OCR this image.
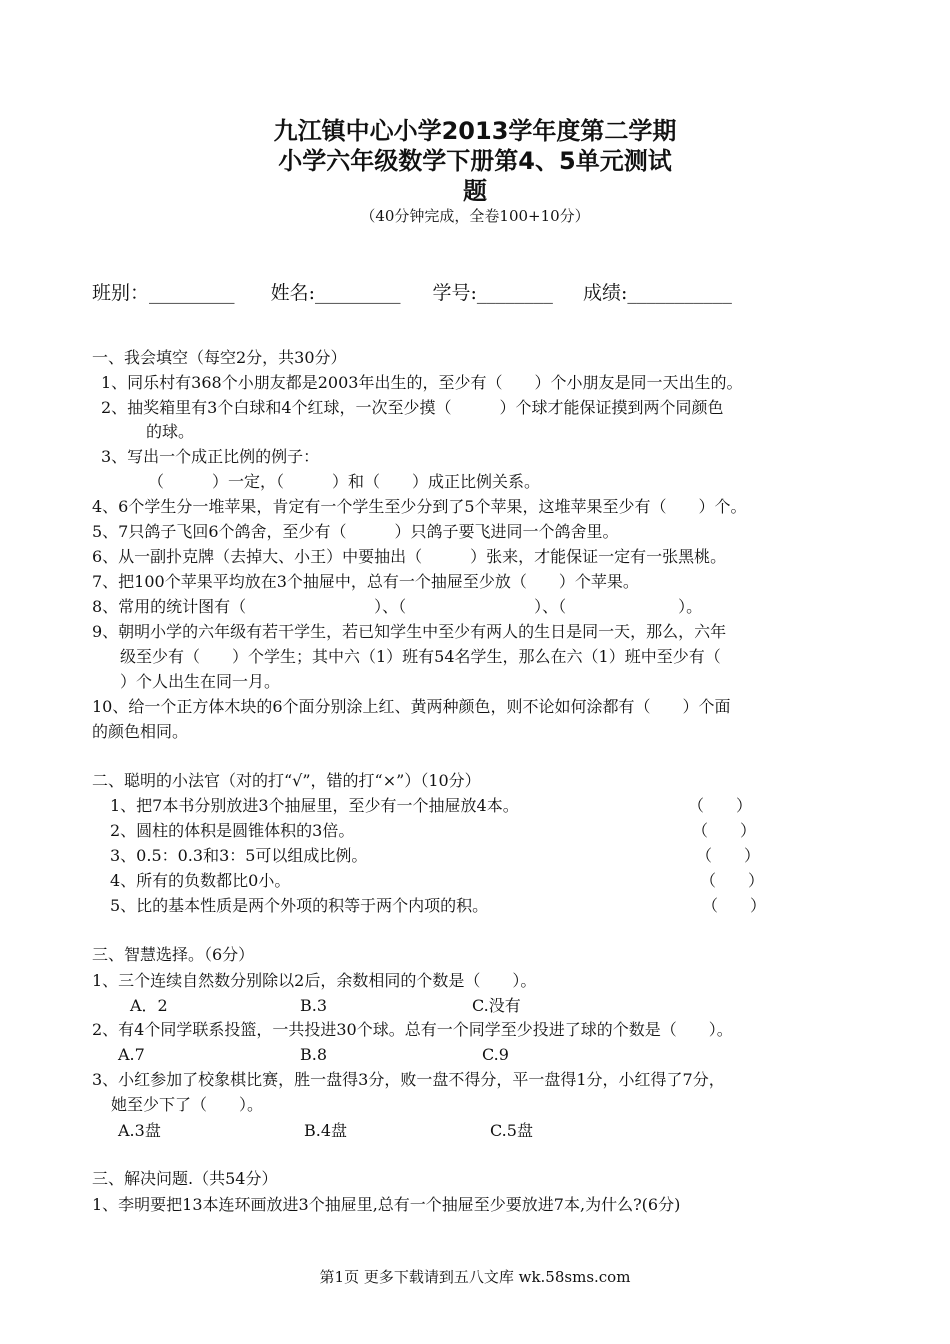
九江镇中心小学2013学年度第二学期
小学六年级数学下册第4、5单元测试
题
（40分钟完成，全卷100+10分）
班别：_________ 姓名:_________ 学号:________ 成绩:___________
一、我会填空（每空2分，共30分）
1、同乐村有368个小朋友都是2003年出生的，至少有（　　）个小朋友是同一天出生的。
2、抽奖箱里有3个白球和4个红球，一次至少摸（　　　）个球才能保证摸到两个同颜色
的球。
3、写出一个成正比例的例子：
（　　　）一定，（　　　）和（　　）成正比例关系。
4、6个学生分一堆苹果，肯定有一个学生至少分到了5个苹果，这堆苹果至少有（　　）个。
5、7只鸽子飞回6个鸽舍，至少有（　　　）只鸽子要飞进同一个鸽舍里。
6、从一副扑克牌（去掉大、小王）中要抽出（　　　）张来，才能保证一定有一张黑桃。
7、把100个苹果平均放在3个抽屉中，总有一个抽屉至少放（　　）个苹果。
8、常用的统计图有（　　　　　　　　）、（　　　　　　　　）、（　　　　　　　）。
9、朝明小学的六年级有若干学生，若已知学生中至少有两人的生日是同一天，那么，六年
级至少有（　　）个学生；其中六（1）班有54名学生，那么在六（1）班中至少有（
）个人出生在同一月。
10、给一个正方体木块的6个面分别涂上红、黄两种颜色，则不论如何涂都有（　　）个面
的颜色相同。
二、聪明的小法官（对的打“√”，错的打“×”）（10分）
1、把7本书分别放进3个抽屉里，至少有一个抽屉放4本。	（　　）
2、圆柱的体积是圆锥体积的3倍。	（　　）
3、0.5：0.3和3：5可以组成比例。	（　　）
4、所有的负数都比0小。	（　　）
5、比的基本性质是两个外项的积等于两个内项的积。	（　　）
三、智慧选择。（6分）
1、三个连续自然数分别除以2后，余数相同的个数是（　　）。
A．2	B.3	C.没有
2、有4个同学联系投篮，一共投进30个球。总有一个同学至少投进了球的个数是（　　）。
A.7	B.8	C.9
3、小红参加了校象棋比赛，胜一盘得3分，败一盘不得分，平一盘得1分，小红得了7分，
她至少下了（　　）。
A.3盘	B.4盘	C.5盘
三、解决问题.（共54分）
1、李明要把13本连环画放进3个抽屉里,总有一个抽屉至少要放进7本,为什么?(6分)
第1页 更多下载请到五八文库 wk.58sms.com
